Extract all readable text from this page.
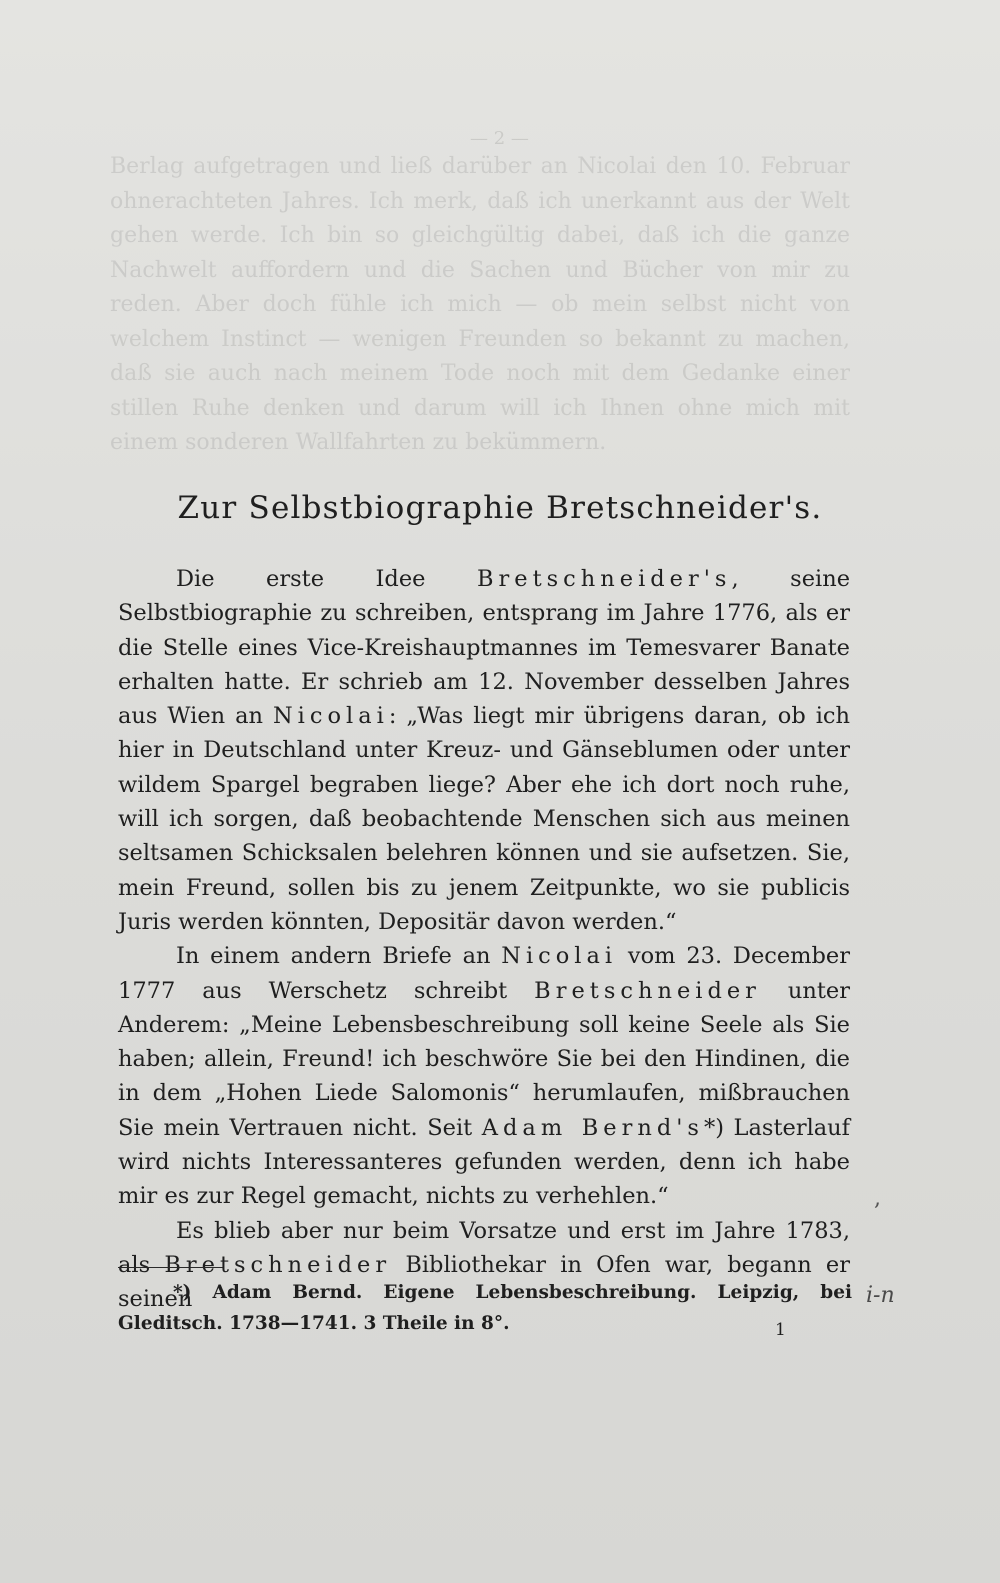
— 2 —
Berlag aufgetragen und ließ darüber an Nicolai den 10. Februar ohnerachteten Jahres. Ich merk, daß ich unerkannt aus der Welt gehen werde. Ich bin so gleichgültig dabei, daß ich die ganze Nachwelt auffordern und die Sachen und Bücher von mir zu reden. Aber doch fühle ich mich — ob mein selbst nicht von welchem Instinct — wenigen Freunden so bekannt zu machen, daß sie auch nach meinem Tode noch mit dem Gedanke einer stillen Ruhe denken und darum will ich Ihnen ohne mich mit einem sonderen Wallfahrten zu bekümmern.
Zur Selbstbiographie Bretschneider's.

Die erste Idee Bretschneider's, seine Selbstbiographie zu schreiben, entsprang im Jahre 1776, als er die Stelle eines Vice-Kreishauptmannes im Temesvarer Banate erhalten hatte. Er schrieb am 12. November desselben Jahres aus Wien an Nicolai: „Was liegt mir übrigens daran, ob ich hier in Deutschland unter Kreuz- und Gänseblumen oder unter wildem Spargel begraben liege? Aber ehe ich dort noch ruhe, will ich sorgen, daß beobachtende Menschen sich aus meinen seltsamen Schicksalen belehren können und sie aufsetzen. Sie, mein Freund, sollen bis zu jenem Zeitpunkte, wo sie publicis Juris werden könnten, Depositär davon werden.“

In einem andern Briefe an Nicolai vom 23. December 1777 aus Werschetz schreibt Bretschneider unter Anderem: „Meine Lebensbeschreibung soll keine Seele als Sie haben; allein, Freund! ich beschwöre Sie bei den Hindinen, die in dem „Hohen Liede Salomonis“ herumlaufen, mißbrauchen Sie mein Vertrauen nicht. Seit Adam Bernd's*) Lasterlauf wird nichts Interessanteres gefunden werden, denn ich habe mir es zur Regel gemacht, nichts zu verhehlen.“

Es blieb aber nur beim Vorsatze und erst im Jahre 1783, als Bretschneider Bibliothekar in Ofen war, begann er seinen

,

*) Adam Bernd. Eigene Lebensbeschreibung. Leipzig, bei Gleditsch. 1738—1741. 3 Theile in 8°.

i-n
1
